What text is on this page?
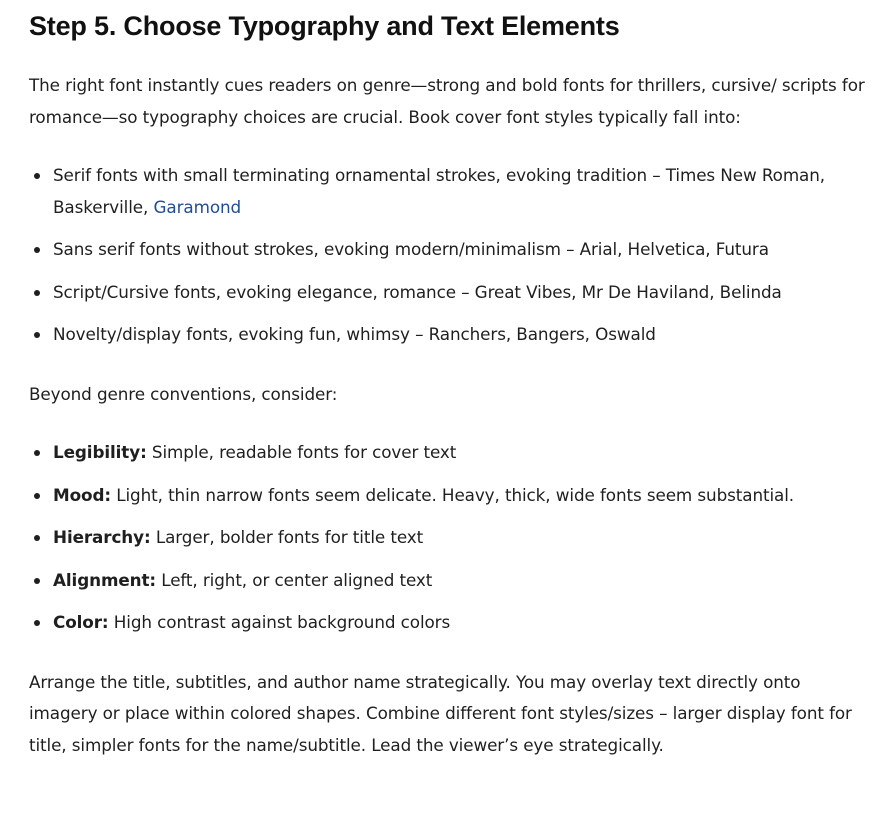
Step 5. Choose Typography and Text Elements

The right font instantly cues readers on genre—strong and bold fonts for thrillers, cursive/ scripts for romance—so typography choices are crucial. Book cover font styles typically fall into:

Serif fonts with small terminating ornamental strokes, evoking tradition – Times New Roman, Baskerville, Garamond
Sans serif fonts without strokes, evoking modern/minimalism – Arial, Helvetica, Futura
Script/Cursive fonts, evoking elegance, romance – Great Vibes, Mr De Haviland, Belinda
Novelty/display fonts, evoking fun, whimsy – Ranchers, Bangers, Oswald

Beyond genre conventions, consider:

Legibility: Simple, readable fonts for cover text
Mood: Light, thin narrow fonts seem delicate. Heavy, thick, wide fonts seem substantial.
Hierarchy: Larger, bolder fonts for title text
Alignment: Left, right, or center aligned text
Color: High contrast against background colors

Arrange the title, subtitles, and author name strategically. You may overlay text directly onto imagery or place within colored shapes. Combine different font styles/sizes – larger display font for title, simpler fonts for the name/subtitle. Lead the viewer’s eye strategically.
